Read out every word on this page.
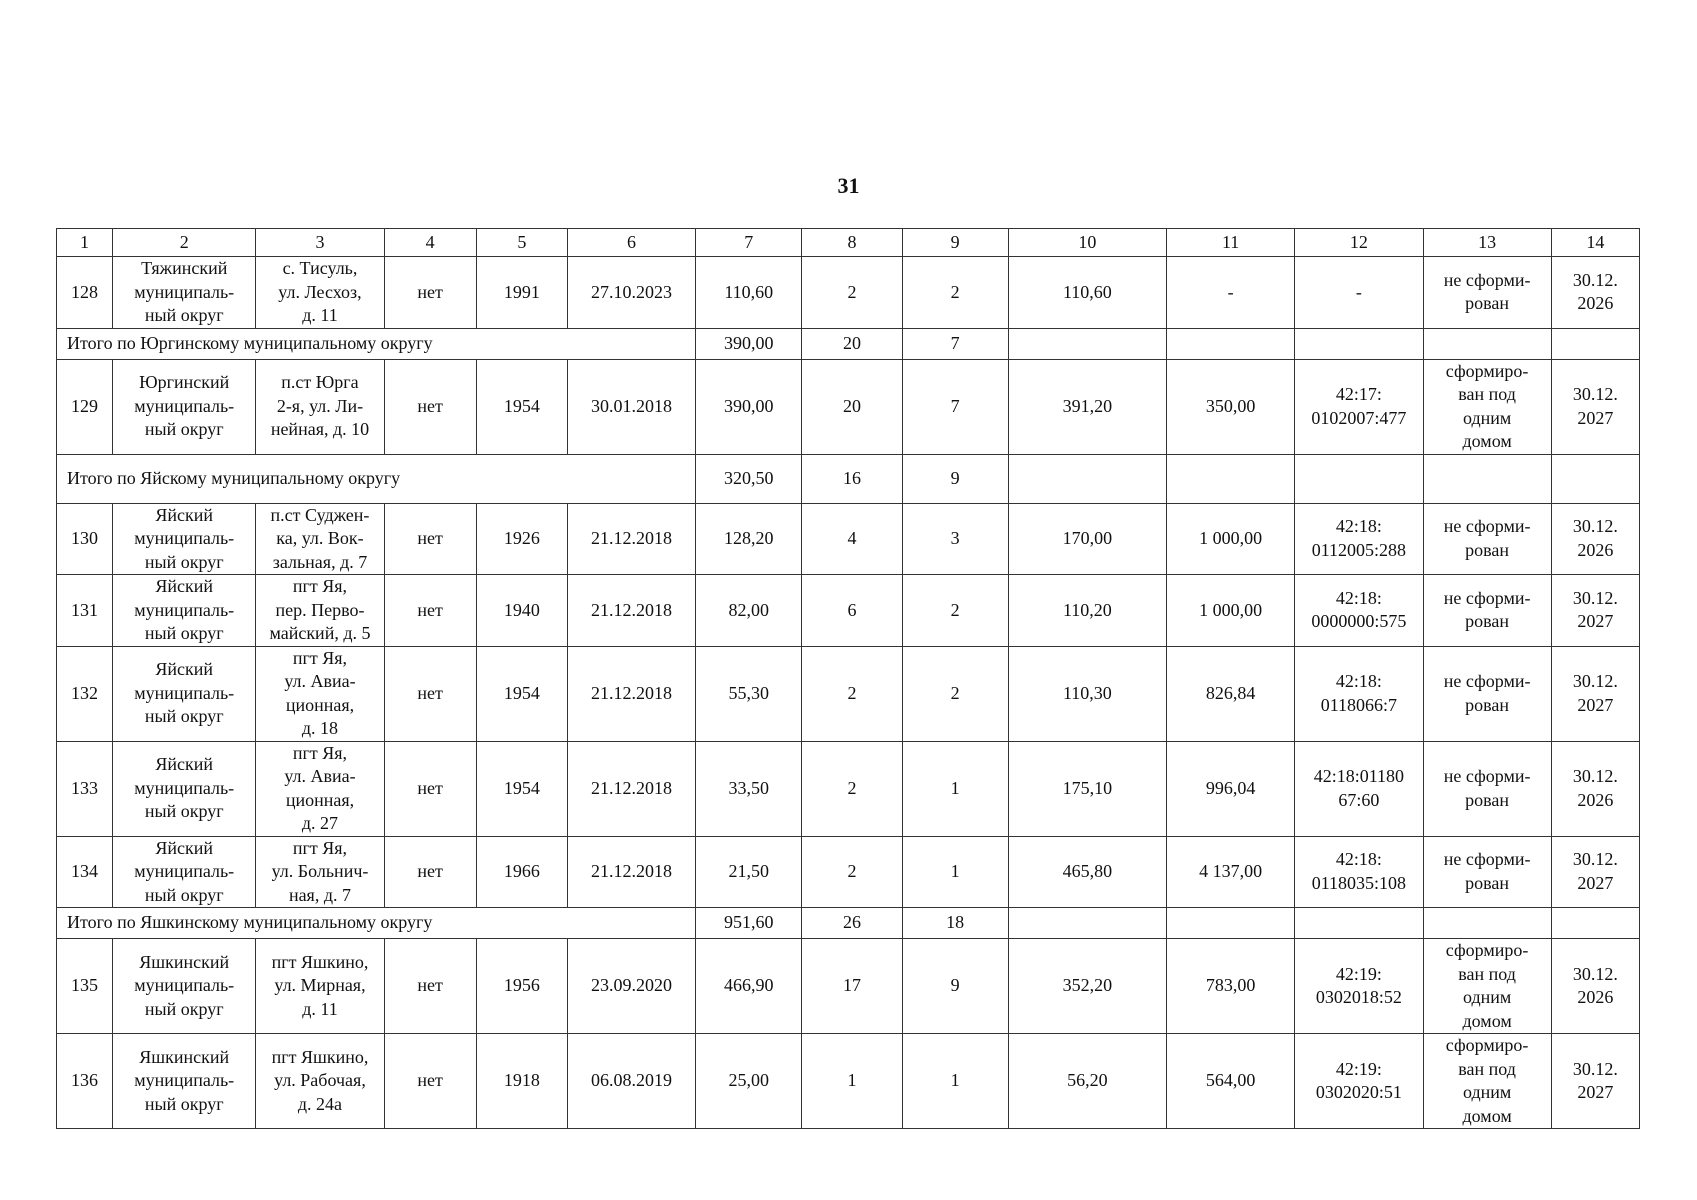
31
1	2	3	4	5	6	7	8	9	10	11	12	13	14
128	Тяжинский
муниципаль-
ный округ	с. Тисуль,
ул. Лесхоз,
д. 11	нет	1991	27.10.2023	110,60	2	2	110,60	-	-	не сформи-
рован	30.12.
2026
Итого по Юргинскому муниципальному округу						390,00	20	7					
129	Юргинский
муниципаль-
ный округ	п.ст Юрга
2-я, ул. Ли-
нейная, д. 10	нет	1954	30.01.2018	390,00	20	7	391,20	350,00	42:17:
0102007:477	сформиро-
ван под
одним
домом	30.12.
2027
Итого по Яйскому муниципальному округу						320,50	16	9					
130	Яйский
муниципаль-
ный округ	п.ст Суджен-
ка, ул. Вок-
зальная, д. 7	нет	1926	21.12.2018	128,20	4	3	170,00	1 000,00	42:18:
0112005:288	не сформи-
рован	30.12.
2026
131	Яйский
муниципаль-
ный округ	пгт Яя,
пер. Перво-
майский, д. 5	нет	1940	21.12.2018	82,00	6	2	110,20	1 000,00	42:18:
0000000:575	не сформи-
рован	30.12.
2027
132	Яйский
муниципаль-
ный округ	пгт Яя,
ул. Авиа-
ционная,
д. 18	нет	1954	21.12.2018	55,30	2	2	110,30	826,84	42:18:
0118066:7	не сформи-
рован	30.12.
2027
133	Яйский
муниципаль-
ный округ	пгт Яя,
ул. Авиа-
ционная,
д. 27	нет	1954	21.12.2018	33,50	2	1	175,10	996,04	42:18:01180
67:60	не сформи-
рован	30.12.
2026
134	Яйский
муниципаль-
ный округ	пгт Яя,
ул. Больнич-
ная, д. 7	нет	1966	21.12.2018	21,50	2	1	465,80	4 137,00	42:18:
0118035:108	не сформи-
рован	30.12.
2027
Итого по Яшкинскому муниципальному округу						951,60	26	18					
135	Яшкинский
муниципаль-
ный округ	пгт Яшкино,
ул. Мирная,
д. 11	нет	1956	23.09.2020	466,90	17	9	352,20	783,00	42:19:
0302018:52	сформиро-
ван под
одним
домом	30.12.
2026
136	Яшкинский
муниципаль-
ный округ	пгт Яшкино,
ул. Рабочая,
д. 24а	нет	1918	06.08.2019	25,00	1	1	56,20	564,00	42:19:
0302020:51	сформиро-
ван под
одним
домом	30.12.
2027
